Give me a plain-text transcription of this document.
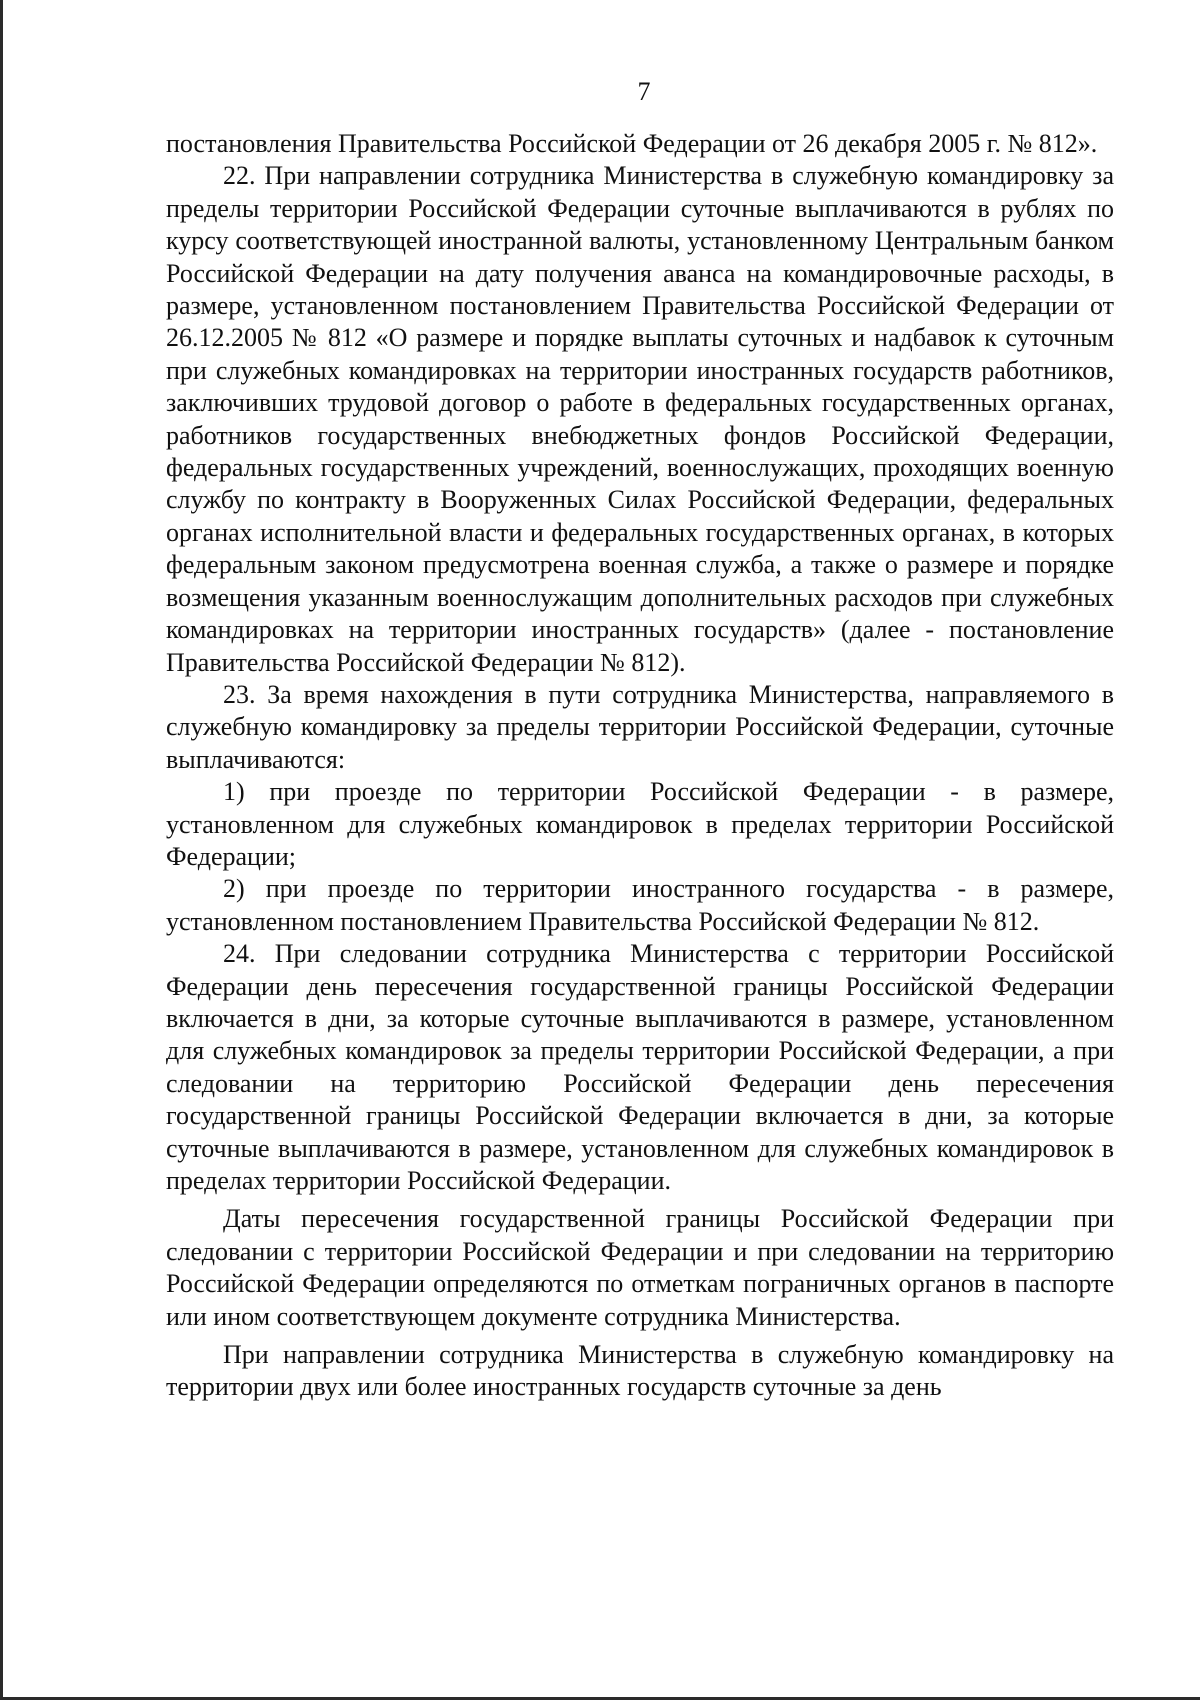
7

постановления Правительства Российской Федерации от 26 декабря 2005 г. № 812».

22. При направлении сотрудника Министерства в служебную командировку за пределы территории Российской Федерации суточные выплачиваются в рублях по курсу соответствующей иностранной валюты, установленному Центральным банком Российской Федерации на дату получения аванса на командировочные расходы, в размере, установленном постановлением Правительства Российской Федерации от 26.12.2005 № 812 «О размере и порядке выплаты суточных и надбавок к суточным при служебных командировках на территории иностранных государств работников, заключивших трудовой договор о работе в федеральных государственных органах, работников государственных внебюджетных фондов Российской Федерации, федеральных государственных учреждений, военнослужащих, проходящих военную службу по контракту в Вооруженных Силах Российской Федерации, федеральных органах исполнительной власти и федеральных государственных органах, в которых федеральным законом предусмотрена военная служба, а также о размере и порядке возмещения указанным военнослужащим дополнительных расходов при служебных командировках на территории иностранных государств» (далее - постановление Правительства Российской Федерации № 812).

23. За время нахождения в пути сотрудника Министерства, направляемого в служебную командировку за пределы территории Российской Федерации, суточные выплачиваются:

1) при проезде по территории Российской Федерации - в размере, установленном для служебных командировок в пределах территории Российской Федерации;

2) при проезде по территории иностранного государства - в размере, установленном постановлением Правительства Российской Федерации № 812.

24. При следовании сотрудника Министерства с территории Российской Федерации день пересечения государственной границы Российской Федерации включается в дни, за которые суточные выплачиваются в размере, установленном для служебных командировок за пределы территории Российской Федерации, а при следовании на территорию Российской Федерации день пересечения государственной границы Российской Федерации включается в дни, за которые суточные выплачиваются в размере, установленном для служебных командировок в пределах территории Российской Федерации.

Даты пересечения государственной границы Российской Федерации при следовании с территории Российской Федерации и при следовании на территорию Российской Федерации определяются по отметкам пограничных органов в паспорте или ином соответствующем документе сотрудника Министерства.

При направлении сотрудника Министерства в служебную командировку на территории двух или более иностранных государств суточные за день
